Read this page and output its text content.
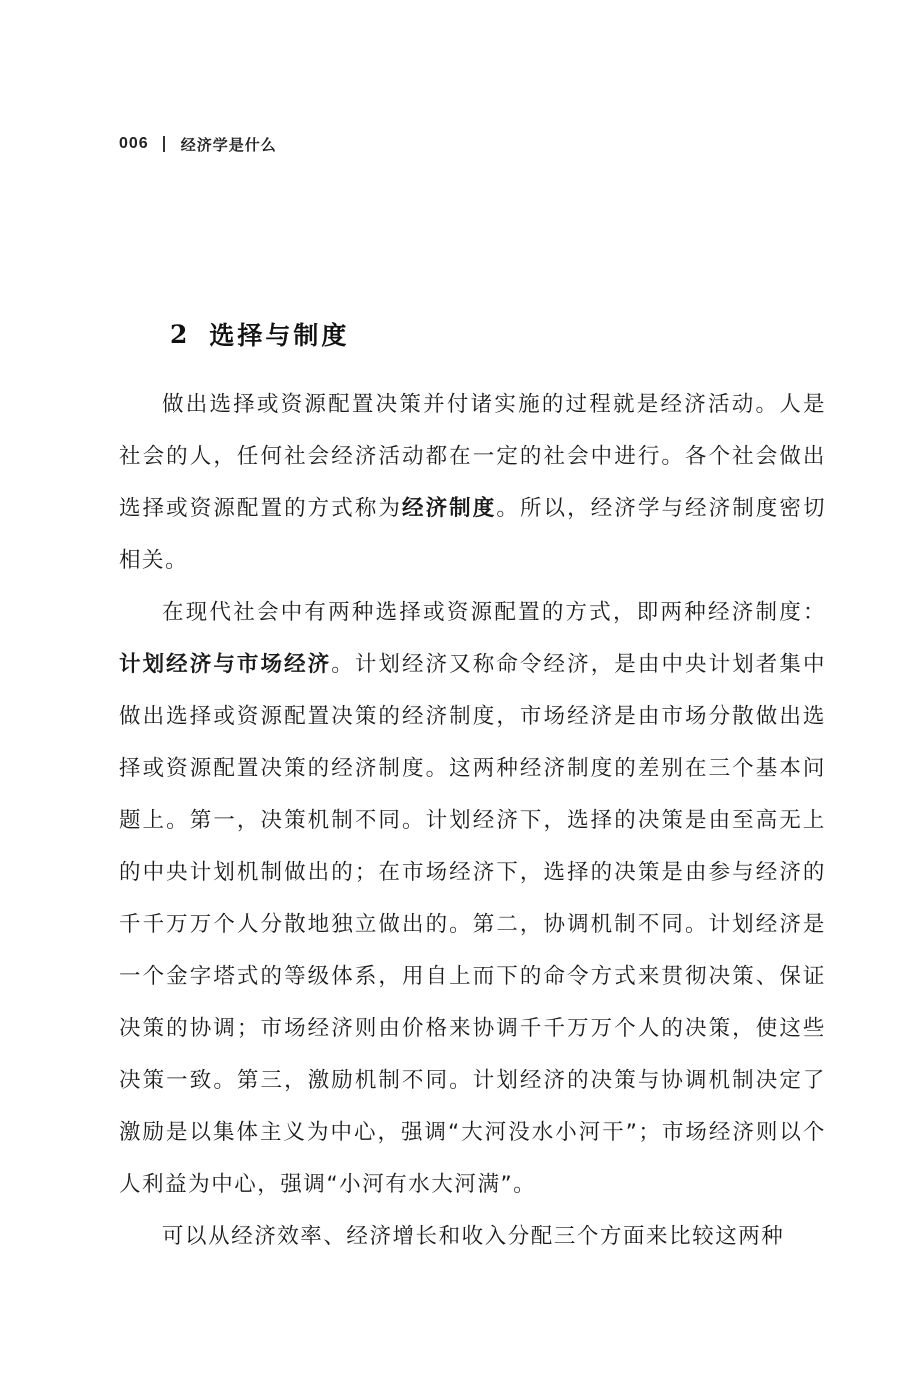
006 经济学是什么
2 选择与制度

做出选择或资源配置决策并付诸实施的过程就是经济活动。人是社会的人，任何社会经济活动都在一定的社会中进行。各个社会做出选择或资源配置的方式称为经济制度。所以，经济学与经济制度密切相关。

在现代社会中有两种选择或资源配置的方式，即两种经济制度：计划经济与市场经济。计划经济又称命令经济，是由中央计划者集中做出选择或资源配置决策的经济制度，市场经济是由市场分散做出选择或资源配置决策的经济制度。这两种经济制度的差别在三个基本问题上。第一，决策机制不同。计划经济下，选择的决策是由至高无上的中央计划机制做出的；在市场经济下，选择的决策是由参与经济的千千万万个人分散地独立做出的。第二，协调机制不同。计划经济是一个金字塔式的等级体系，用自上而下的命令方式来贯彻决策、保证决策的协调；市场经济则由价格来协调千千万万个人的决策，使这些决策一致。第三，激励机制不同。计划经济的决策与协调机制决定了激励是以集体主义为中心，强调“大河没水小河干”；市场经济则以个人利益为中心，强调“小河有水大河满”。

可以从经济效率、经济增长和收入分配三个方面来比较这两种
